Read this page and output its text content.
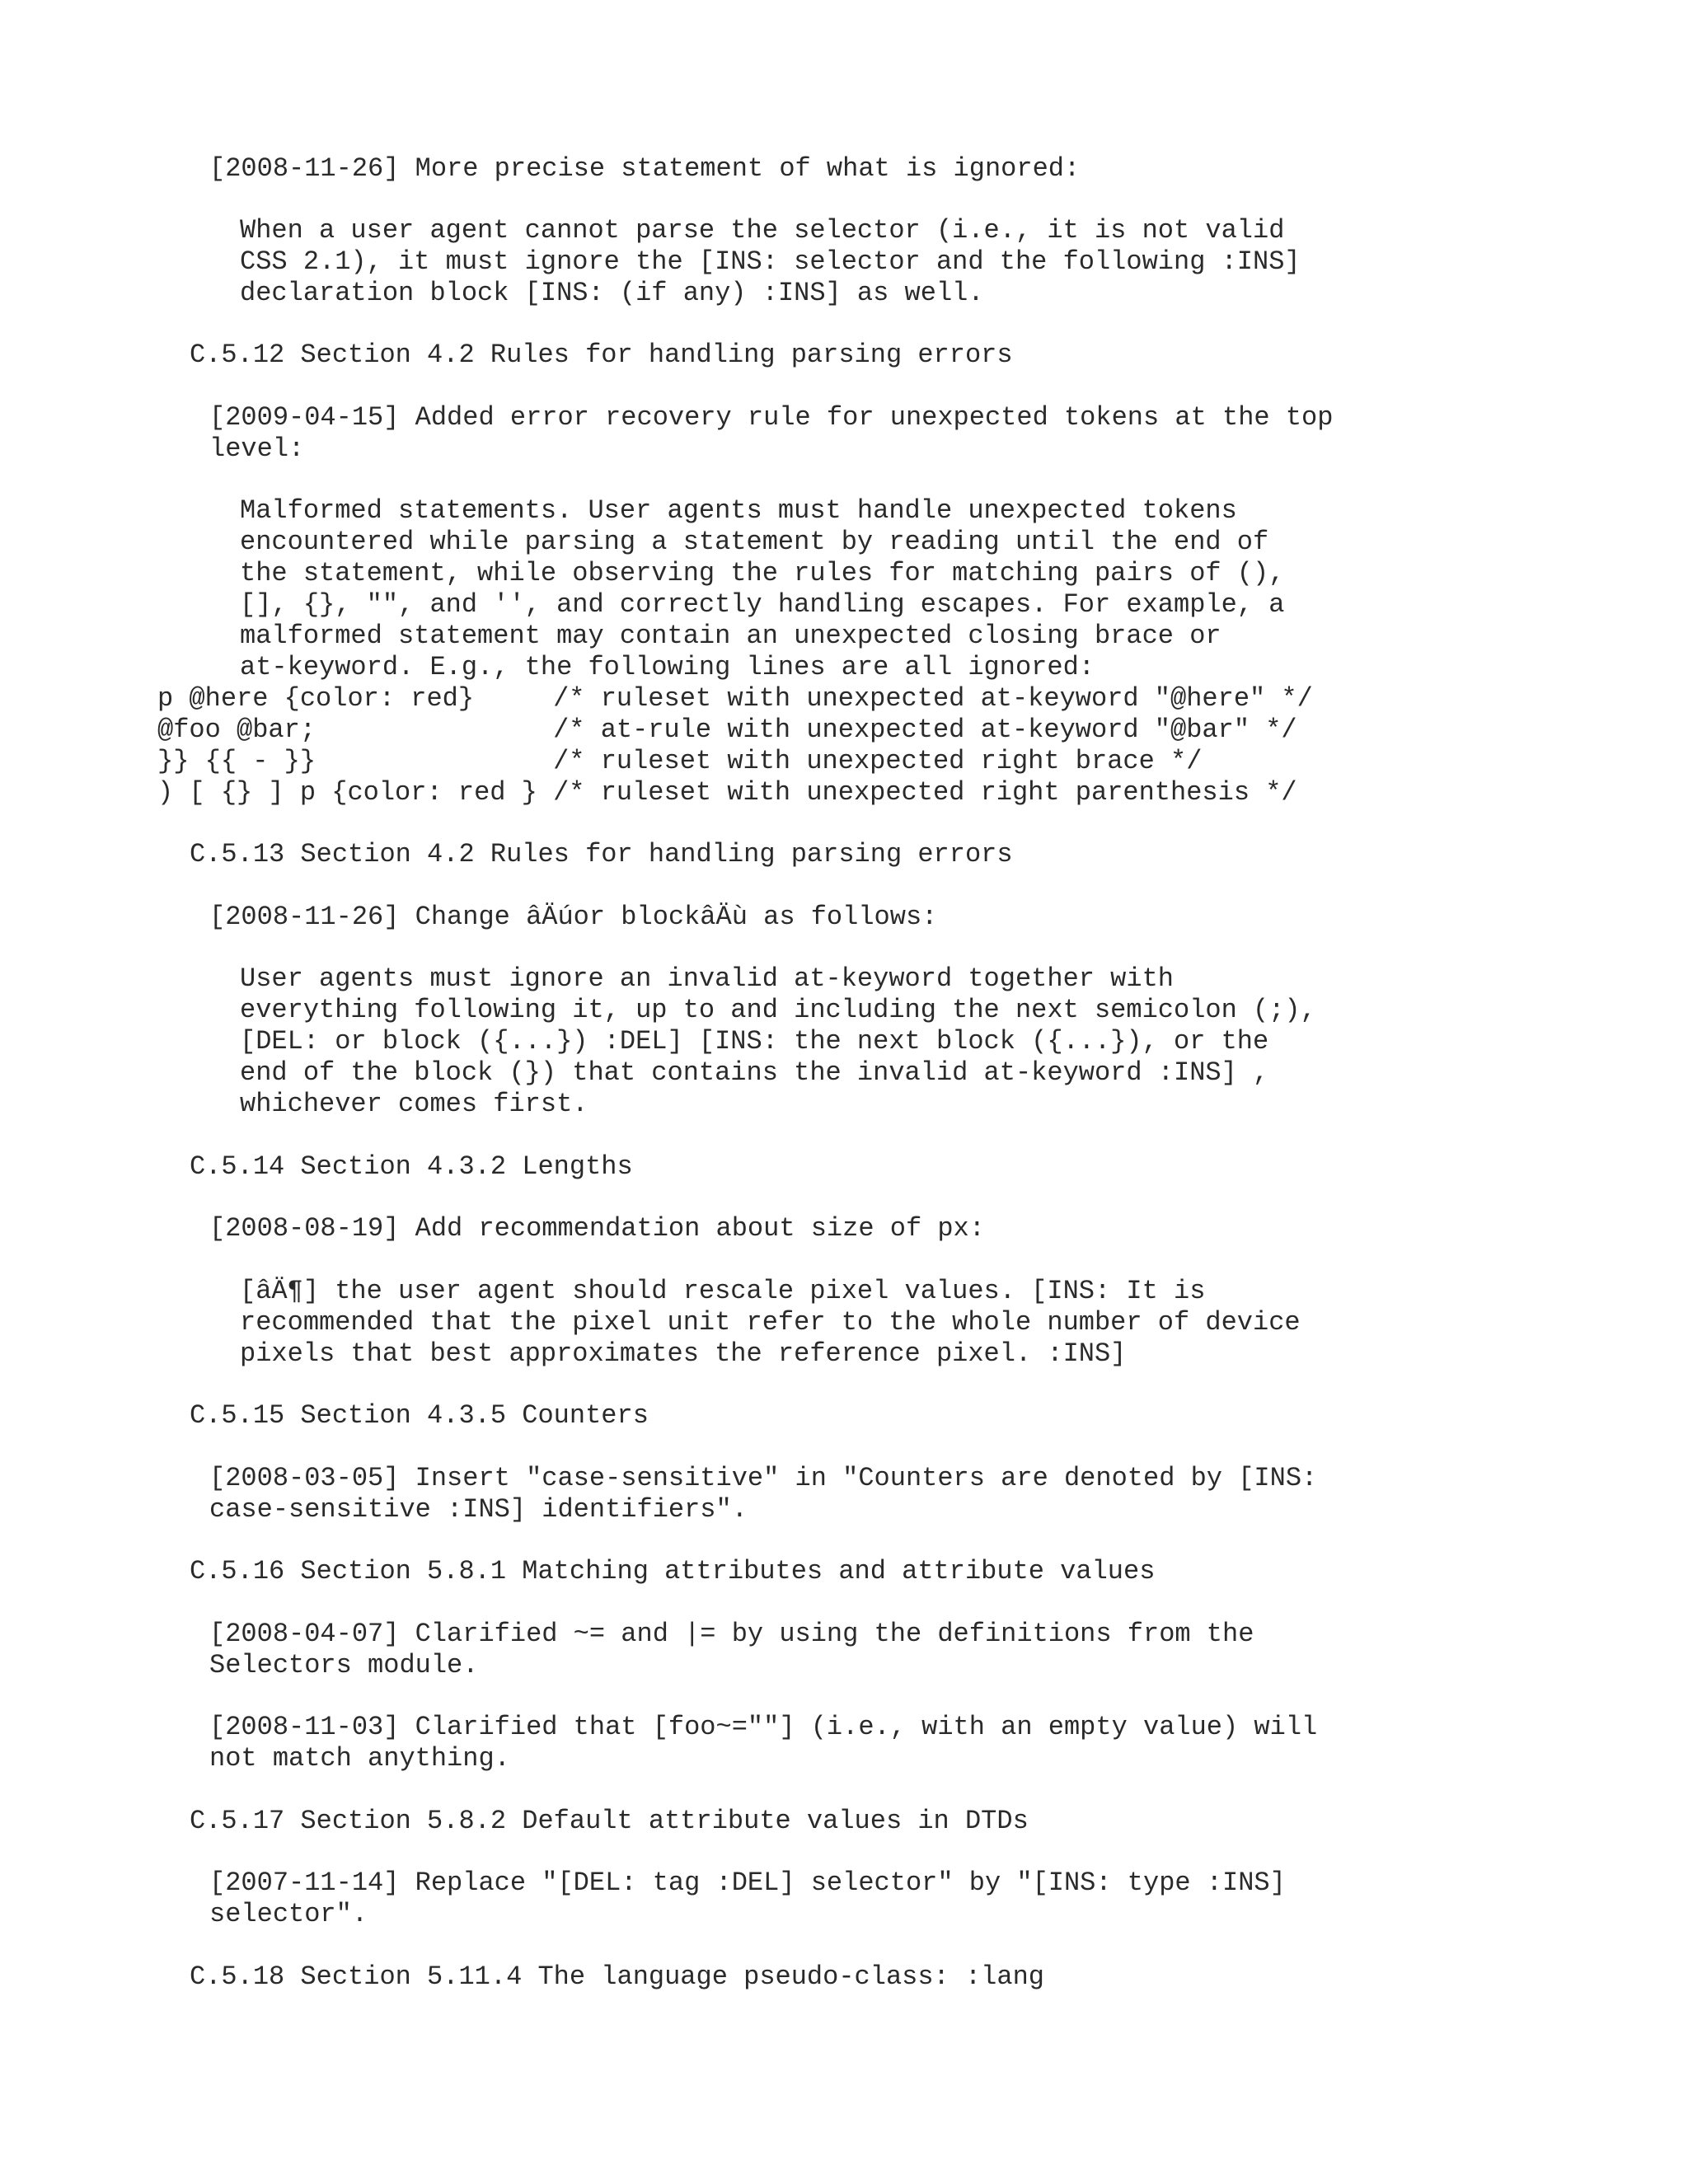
[2008-11-26] More precise statement of what is ignored:
When a user agent cannot parse the selector (i.e., it is not valid
CSS 2.1), it must ignore the [INS: selector and the following :INS]
declaration block [INS: (if any) :INS] as well.
C.5.12 Section 4.2 Rules for handling parsing errors
[2009-04-15] Added error recovery rule for unexpected tokens at the top
level:
Malformed statements. User agents must handle unexpected tokens
encountered while parsing a statement by reading until the end of
the statement, while observing the rules for matching pairs of (),
[], {}, "", and '', and correctly handling escapes. For example, a
malformed statement may contain an unexpected closing brace or
at-keyword. E.g., the following lines are all ignored:
p @here {color: red}     /* ruleset with unexpected at-keyword "@here" */
@foo @bar;               /* at-rule with unexpected at-keyword "@bar" */
}} {{ - }}               /* ruleset with unexpected right brace */
) [ {} ] p {color: red } /* ruleset with unexpected right parenthesis */
C.5.13 Section 4.2 Rules for handling parsing errors
[2008-11-26] Change âÄúor blockâÄù as follows:
User agents must ignore an invalid at-keyword together with
everything following it, up to and including the next semicolon (;),
[DEL: or block ({...}) :DEL] [INS: the next block ({...}), or the
end of the block (}) that contains the invalid at-keyword :INS] ,
whichever comes first.
C.5.14 Section 4.3.2 Lengths
[2008-08-19] Add recommendation about size of px:
[âÄ¶] the user agent should rescale pixel values. [INS: It is
recommended that the pixel unit refer to the whole number of device
pixels that best approximates the reference pixel. :INS]
C.5.15 Section 4.3.5 Counters
[2008-03-05] Insert "case-sensitive" in "Counters are denoted by [INS:
case-sensitive :INS] identifiers".
C.5.16 Section 5.8.1 Matching attributes and attribute values
[2008-04-07] Clarified ~= and |= by using the definitions from the
Selectors module.
[2008-11-03] Clarified that [foo~=""] (i.e., with an empty value) will
not match anything.
C.5.17 Section 5.8.2 Default attribute values in DTDs
[2007-11-14] Replace "[DEL: tag :DEL] selector" by "[INS: type :INS]
selector".
C.5.18 Section 5.11.4 The language pseudo-class: :lang
